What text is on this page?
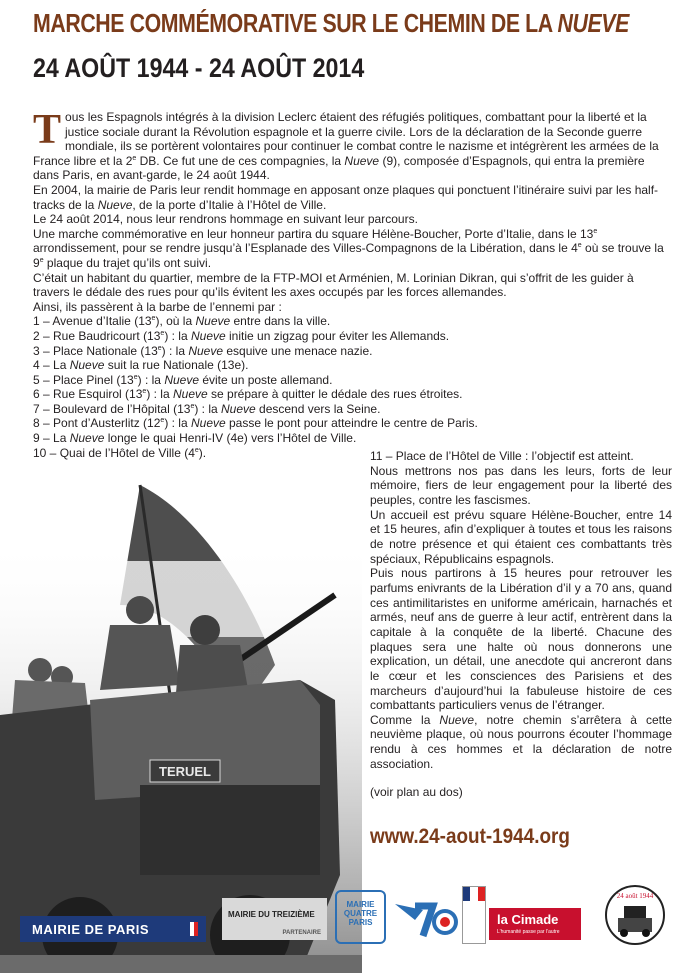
MARCHE COMMÉMORATIVE SUR LE CHEMIN DE LA NUEVE
24 AOÛT 1944 - 24 AOÛT 2014

Tous les Espagnols intégrés à la division Leclerc étaient des réfugiés politiques, combattant pour la liberté et la justice sociale durant la Révolution espagnole et la guerre civile. Lors de la déclaration de la Seconde guerre mondiale, ils se portèrent volontaires pour continuer le combat contre le nazisme et intégrèrent les armées de la France libre et la 2e DB. Ce fut une de ces compagnies, la Nueve (9), composée d’Espagnols, qui entra la première dans Paris, en avant-garde, le 24 août 1944.

En 2004, la mairie de Paris leur rendit hommage en apposant onze plaques qui ponctuent l’itinéraire suivi par les half-tracks de la Nueve, de la porte d’Italie à l’Hôtel de Ville.

Le 24 août 2014, nous leur rendrons hommage en suivant leur parcours.

Une marche commémorative en leur honneur partira du square Hélène-Boucher, Porte d’Italie, dans le 13e arrondissement, pour se rendre jusqu’à l’Esplanade des Villes-Compagnons de la Libération, dans le 4e où se trouve la 9e plaque du trajet qu’ils ont suivi.

C’était un habitant du quartier, membre de la FTP-MOI et Arménien, M. Lorinian Dikran, qui s’offrit de les guider à travers le dédale des rues pour qu’ils évitent les axes occupés par les forces allemandes.

Ainsi, ils passèrent à la barbe de l’ennemi par :

1 – Avenue d’Italie (13e), où la Nueve entre dans la ville.
2 – Rue Baudricourt (13e) : la Nueve initie un zigzag pour éviter les Allemands.
3 – Place Nationale (13e) : la Nueve esquive une menace nazie.
4 – La Nueve suit la rue Nationale (13e).
5 – Place Pinel (13e) : la Nueve évite un poste allemand.
6 – Rue Esquirol (13e) : la Nueve se prépare à quitter le dédale des rues étroites.
7 – Boulevard de l’Hôpital (13e) : la Nueve descend vers la Seine.
8 – Pont d’Austerlitz (12e) : la Nueve passe le pont pour atteindre le centre de Paris.
9 – La Nueve longe le quai Henri-IV (4e) vers l’Hôtel de Ville.
10 – Quai de l’Hôtel de Ville (4e).
TERUEL

11 – Place de l’Hôtel de Ville : l’objectif est atteint.

Nous mettrons nos pas dans les leurs, forts de leur mémoire, fiers de leur engagement pour la liberté des peuples, contre les fascismes.

Un accueil est prévu square Hélène-Boucher, entre 14 et 15 heures, afin d’expliquer à toutes et tous les raisons de notre présence et qui étaient ces combattants très spéciaux, Républicains espagnols.

Puis nous partirons à 15 heures pour retrouver les parfums enivrants de la Libération d’il y a 70 ans, quand ces antimilitaristes en uniforme américain, harnachés et armés, neuf ans de guerre à leur actif, entrèrent dans la capitale à la conquête de la liberté. Chacune des plaques sera une halte où nous donnerons une explication, un détail, une anecdote qui ancreront dans le cœur et les consciences des Parisiens et des marcheurs d’aujourd’hui la fabuleuse histoire de ces combattants particuliers venus de l’étranger.

Comme la Nueve, notre chemin s’arrêtera à cette neuvième plaque, où nous pourrons écouter l’hommage rendu à ces hommes et la déclaration de notre association.

(voir plan au dos)

www.24-aout-1944.org
MAIRIE DE PARIS
MAIRIE DU TREIZIÈME
PARTENAIRE
MAIRIE
QUATRE
PARIS	la Cimade
L’humanité passe par l’autre
24 août 1944
